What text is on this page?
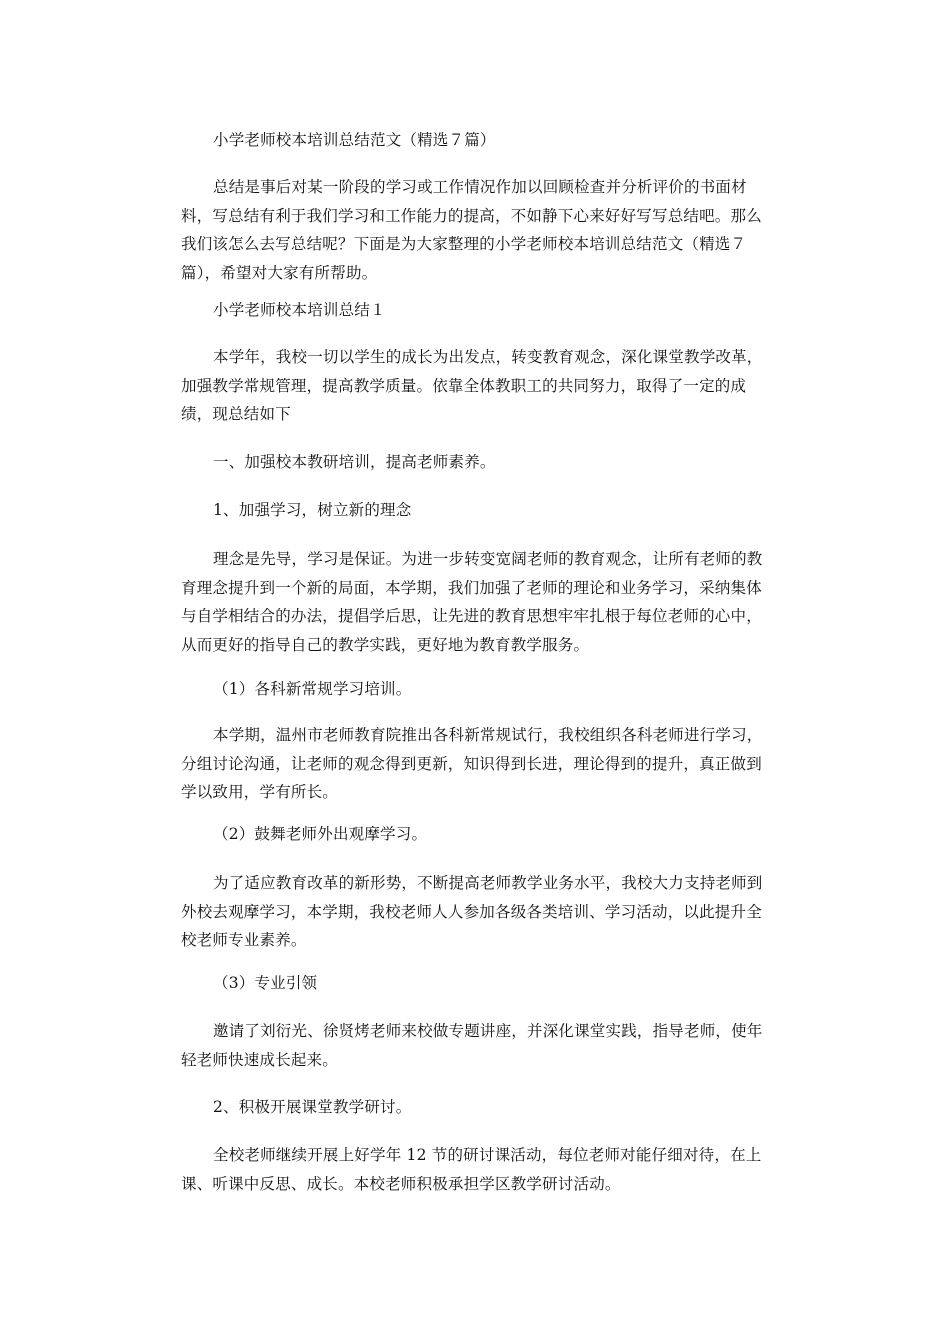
小学老师校本培训总结范文（精选７篇）

总结是事后对某一阶段的学习或工作情况作加以回顾检查并分析评价的书面材料，写总结有利于我们学习和工作能力的提高，不如静下心来好好写写总结吧。那么我们该怎么去写总结呢？下面是为大家整理的小学老师校本培训总结范文（精选７篇），希望对大家有所帮助。

小学老师校本培训总结１

本学年，我校一切以学生的成长为出发点，转变教育观念，深化课堂教学改革，加强教学常规管理，提高教学质量。依靠全体教职工的共同努力，取得了一定的成绩，现总结如下

一、加强校本教研培训，提高老师素养。

1、加强学习，树立新的理念

理念是先导，学习是保证。为进一步转变宽阔老师的教育观念，让所有老师的教育理念提升到一个新的局面，本学期，我们加强了老师的理论和业务学习，采纳集体与自学相结合的办法，提倡学后思，让先进的教育思想牢牢扎根于每位老师的心中，从而更好的指导自己的教学实践，更好地为教育教学服务。

（1）各科新常规学习培训。

本学期，温州市老师教育院推出各科新常规试行，我校组织各科老师进行学习，分组讨论沟通，让老师的观念得到更新，知识得到长进，理论得到的提升，真正做到学以致用，学有所长。

（2）鼓舞老师外出观摩学习。

为了适应教育改革的新形势，不断提高老师教学业务水平，我校大力支持老师到外校去观摩学习，本学期，我校老师人人参加各级各类培训、学习活动，以此提升全校老师专业素养。

（3）专业引领

邀请了刘衍光、徐贤烤老师来校做专题讲座，并深化课堂实践，指导老师，使年轻老师快速成长起来。

2、积极开展课堂教学研讨。

全校老师继续开展上好学年 12 节的研讨课活动，每位老师对能仔细对待，在上课、听课中反思、成长。本校老师积极承担学区教学研讨活动。
